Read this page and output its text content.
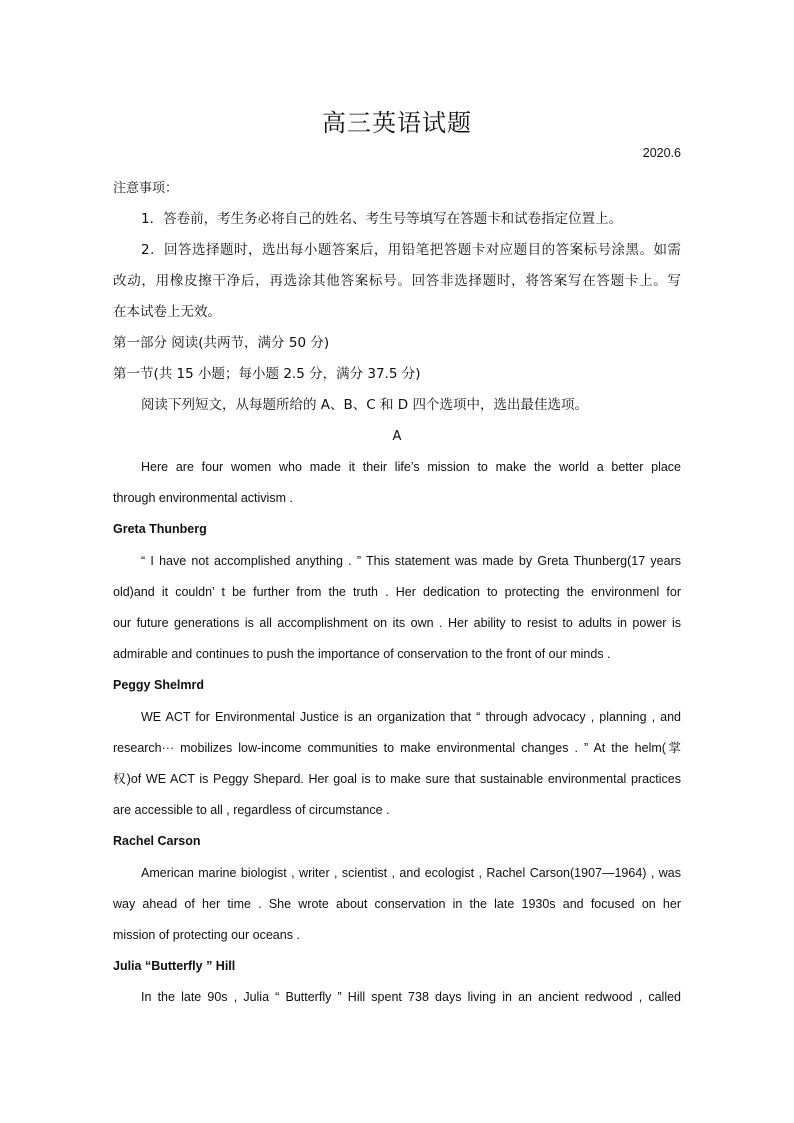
高三英语试题
2020.6

注意事项：

1．答卷前，考生务必将自己的姓名、考生号等填写在答题卡和试卷指定位置上。

2．回答选择题时，选出每小题答案后，用铅笔把答题卡对应题目的答案标号涂黑。如需

改动，用橡皮擦干净后，再选涂其他答案标号。回答非选择题时，将答案写在答题卡上。写

在本试卷上无效。

第一部分 阅读(共两节，满分 50 分)

第一节(共 15 小题；每小题 2.5 分，满分 37.5 分)

阅读下列短文，从每题所给的 A、B、C 和 D 四个选项中，选出最佳选项。

A

Here are four women who made it their life’s mission to make the world a better place

through environmental activism .

Greta Thunberg

“ I have not accomplished anything . ” This statement was made by Greta Thunberg(17 years

old)and it couldn’ t be further from the truth . Her dedication to protecting the environmenl for

our future generations is all accomplishment on its own . Her ability to resist to adults in power is

admirable and continues to push the importance of conservation to the front of our minds .

Peggy Shelmrd

WE ACT for Environmental Justice is an organization that “ through advocacy , planning , and

research··· mobilizes low-income communities to make environmental changes . ” At the helm(掌

权)of WE ACT is Peggy Shepard. Her goal is to make sure that sustainable environmental practices

are accessible to all , regardless of circumstance .

Rachel Carson

American marine biologist , writer , scientist , and ecologist , Rachel Carson(1907—1964) , was

way ahead of her time . She wrote about conservation in the late 1930s and focused on her

mission of protecting our oceans .

Julia “Butterfly ” Hill

In the late 90s , Julia “ Butterfly ” Hill spent 738 days living in an ancient redwood , called
